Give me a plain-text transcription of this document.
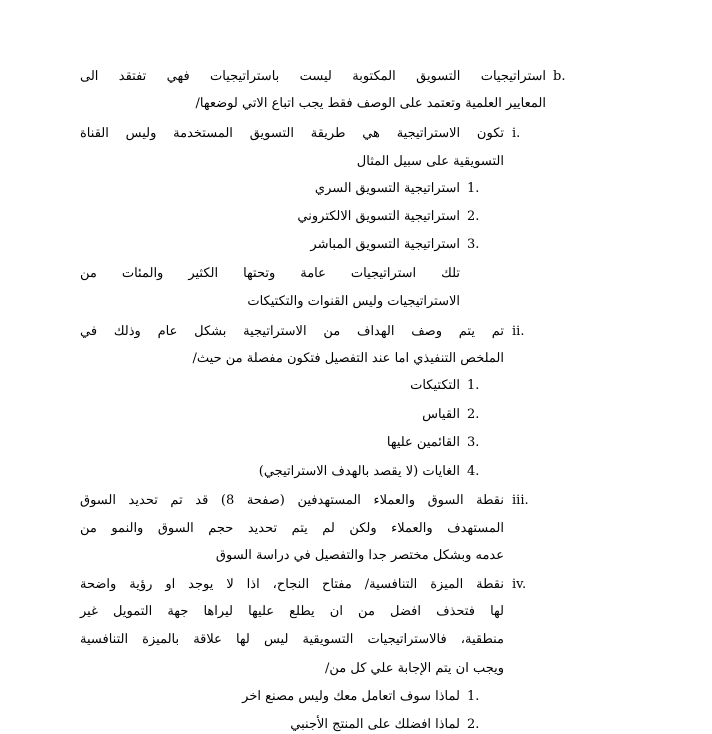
b.
استراتيجيات التسويق المكتوبة ليست باستراتيجيات فهي تفتقد الى
المعايير العلمية وتعتمد على الوصف فقط يجب اتباع الاتي لوضعها/
i.
تكون الاستراتيجية هي طريقة التسويق المستخدمة وليس القناة
التسويقية على سبيل المثال
1.
استراتيجية التسويق السري
2.
استراتيجية التسويق الالكتروني
3.
استراتيجية التسويق المباشر
تلك استراتيجيات عامة وتحتها الكثير والمئات من
الاستراتيجيات وليس القنوات والتكتيكات
ii.
تم يتم وصف الهداف من الاستراتيجية بشكل عام وذلك في
الملخص التنفيذي اما عند التفصيل فتكون مفصلة من حيث/
1.
التكتيكات
2.
القياس
3.
القائمين عليها
4.
الغايات (لا يقصد بالهدف الاستراتيجي)
iii.
نقطة السوق والعملاء المستهدفين (صفحة 8) قد تم تحديد السوق
المستهدف والعملاء ولكن لم يتم تحديد حجم السوق والنمو من
عدمه وبشكل مختصر جدا والتفصيل في دراسة السوق
iv.
نقطة الميزة التنافسية/ مفتاح النجاح، اذا لا يوجد او رؤية واضحة
لها فتحذف افضل من ان يطلع عليها ليراها جهة التمويل غير
منطقية، فالاستراتيجيات التسويقية ليس لها علاقة بالميزة التنافسية
ويجب ان يتم الإجابة علي كل من/
1.
لماذا سوف اتعامل معك وليس مصنع اخر
2.
لماذا افضلك على المنتج الأجنبي
